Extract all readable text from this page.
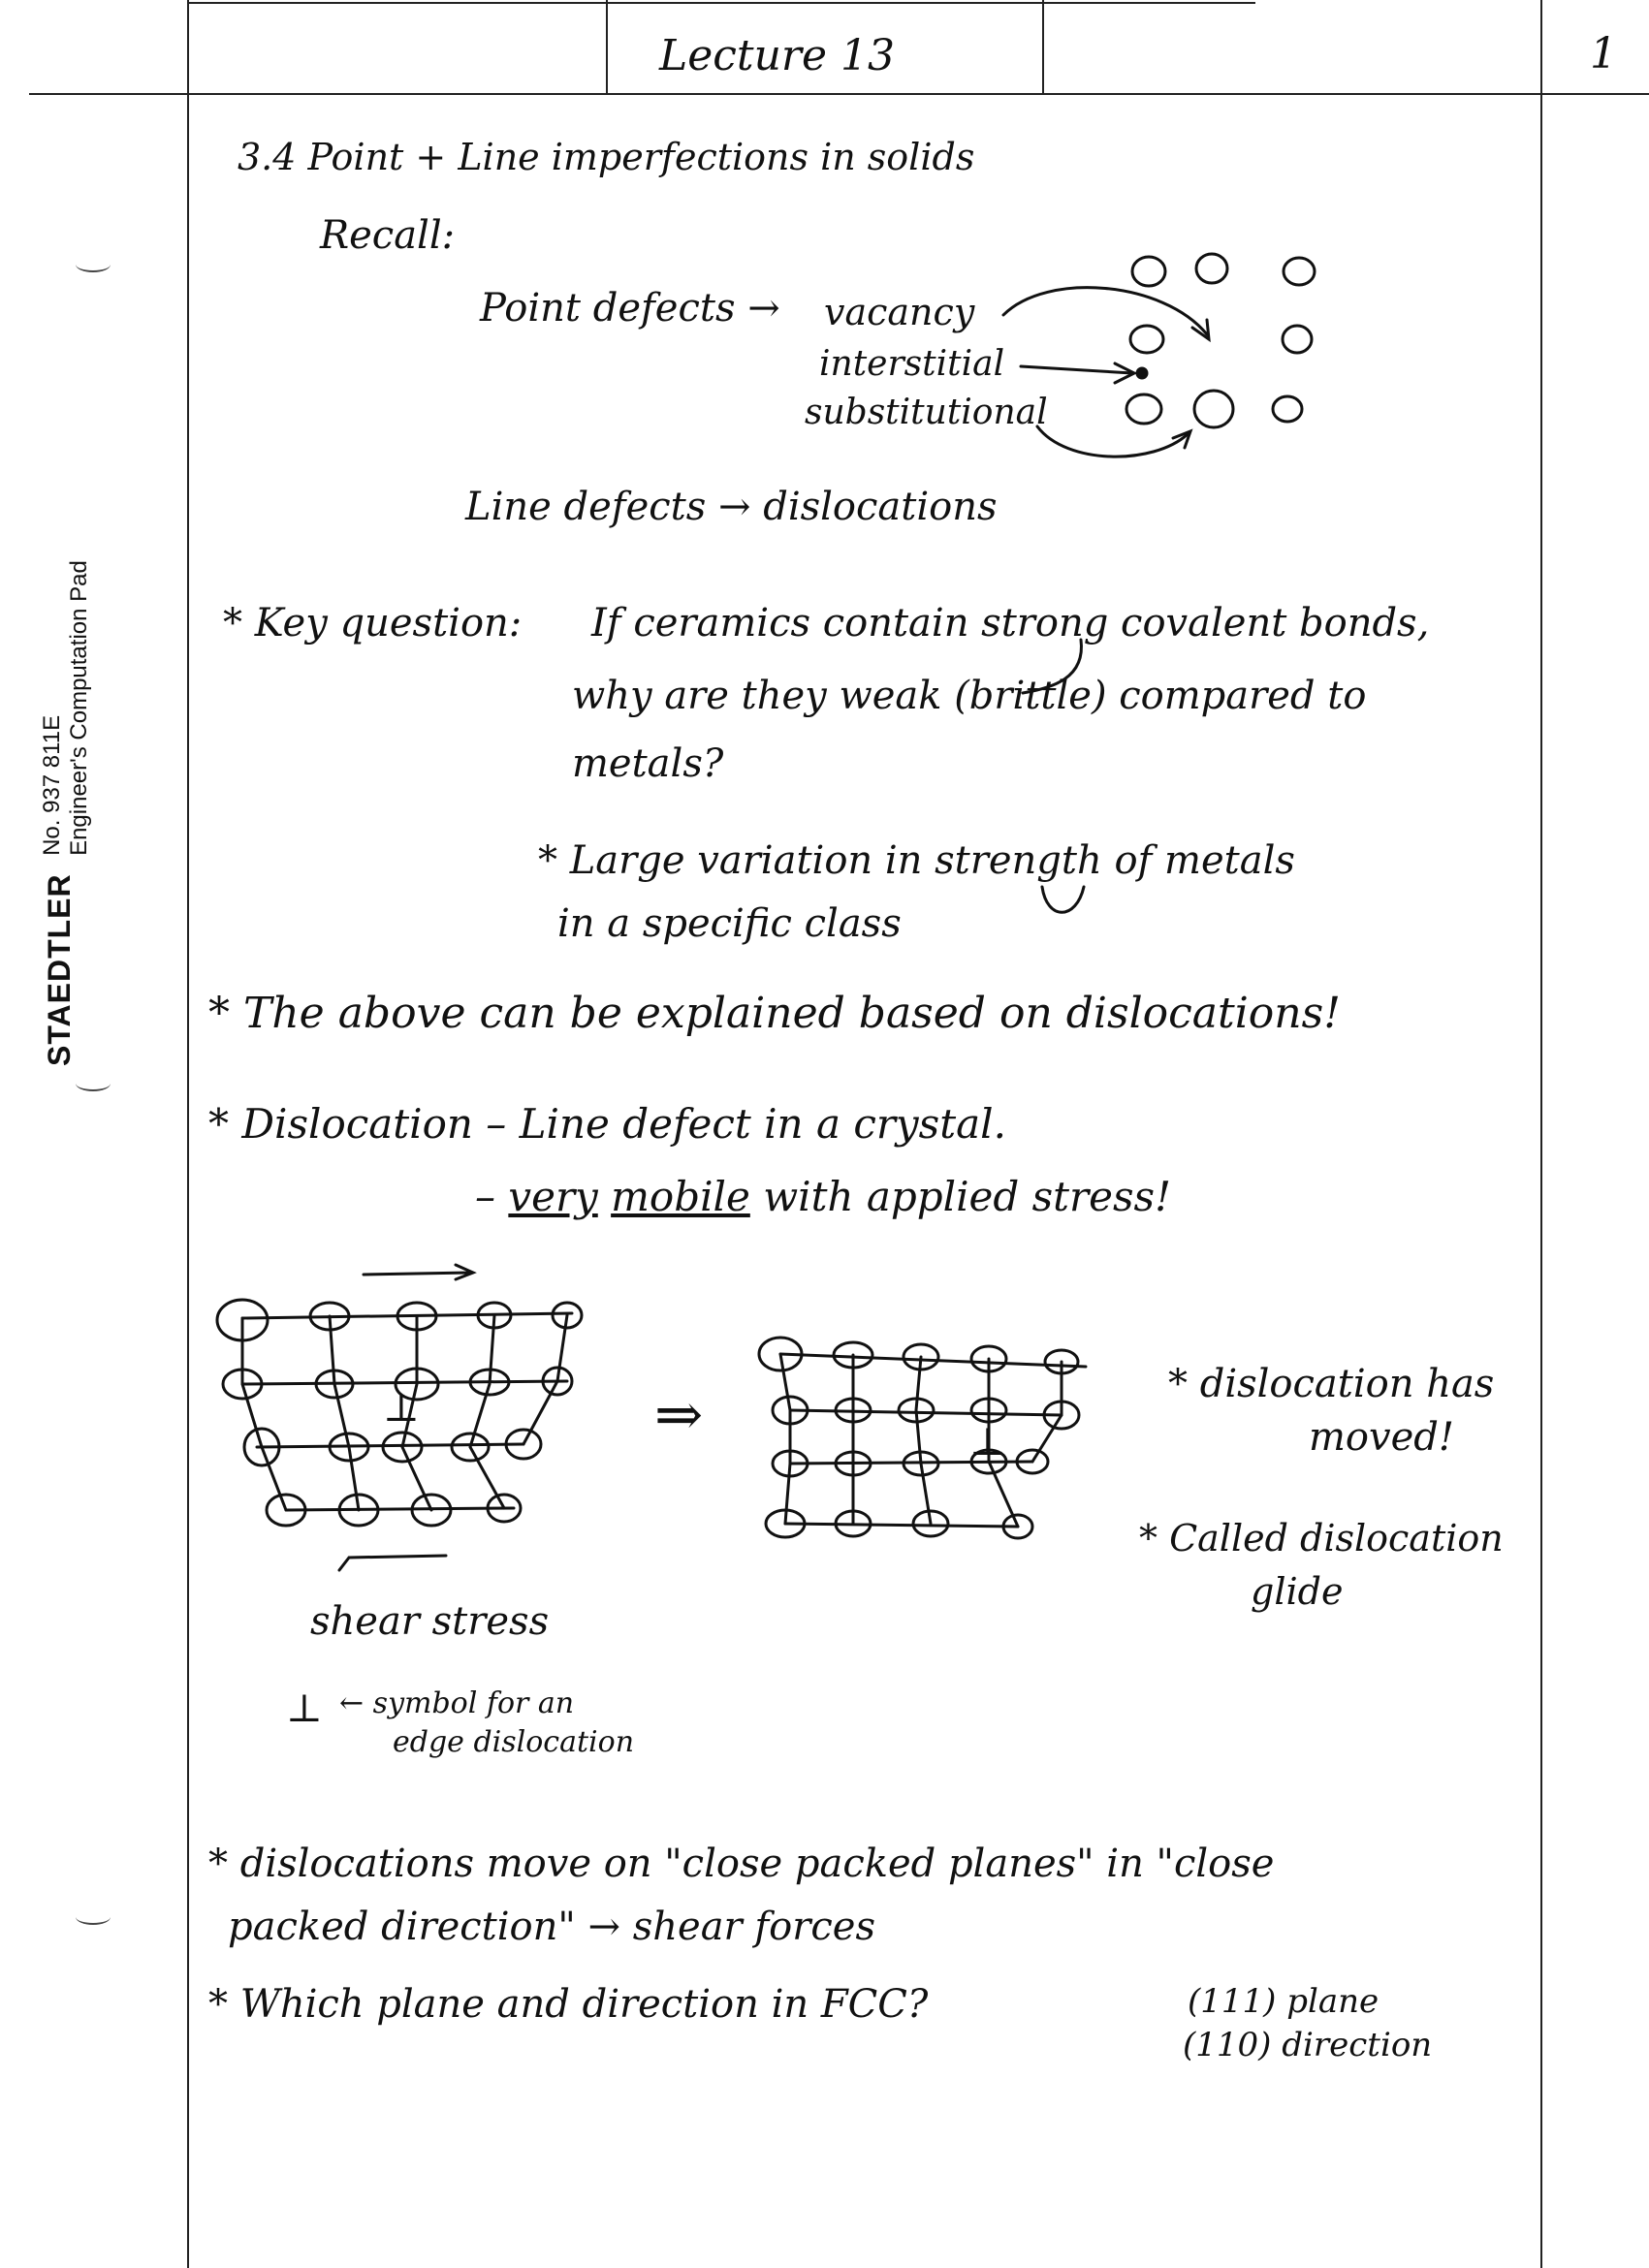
Lecture 13	1
STAEDTLER No. 937 811E
Engineer's Computation Pad
3.4 Point + Line imperfections in solids
Recall:
Point defects → vacancy
interstitial
substitutional
Line defects → dislocations
* Key question: If ceramics contain strong covalent bonds,
why are they weak (brittle) compared to
metals?
* Large variation in strength of metals
in a specific class
* The above can be explained based on dislocations!
* Dislocation – Line defect in a crystal.
– very mobile with applied stress!
⊥	⇒	⊥
shear stress
⊥ ← symbol for an
edge dislocation
* dislocation has
moved!
* Called dislocation
glide
* dislocations move on "close packed planes" in "close
packed direction" → shear forces
* Which plane and direction in FCC?	(111) plane
(110) direction
